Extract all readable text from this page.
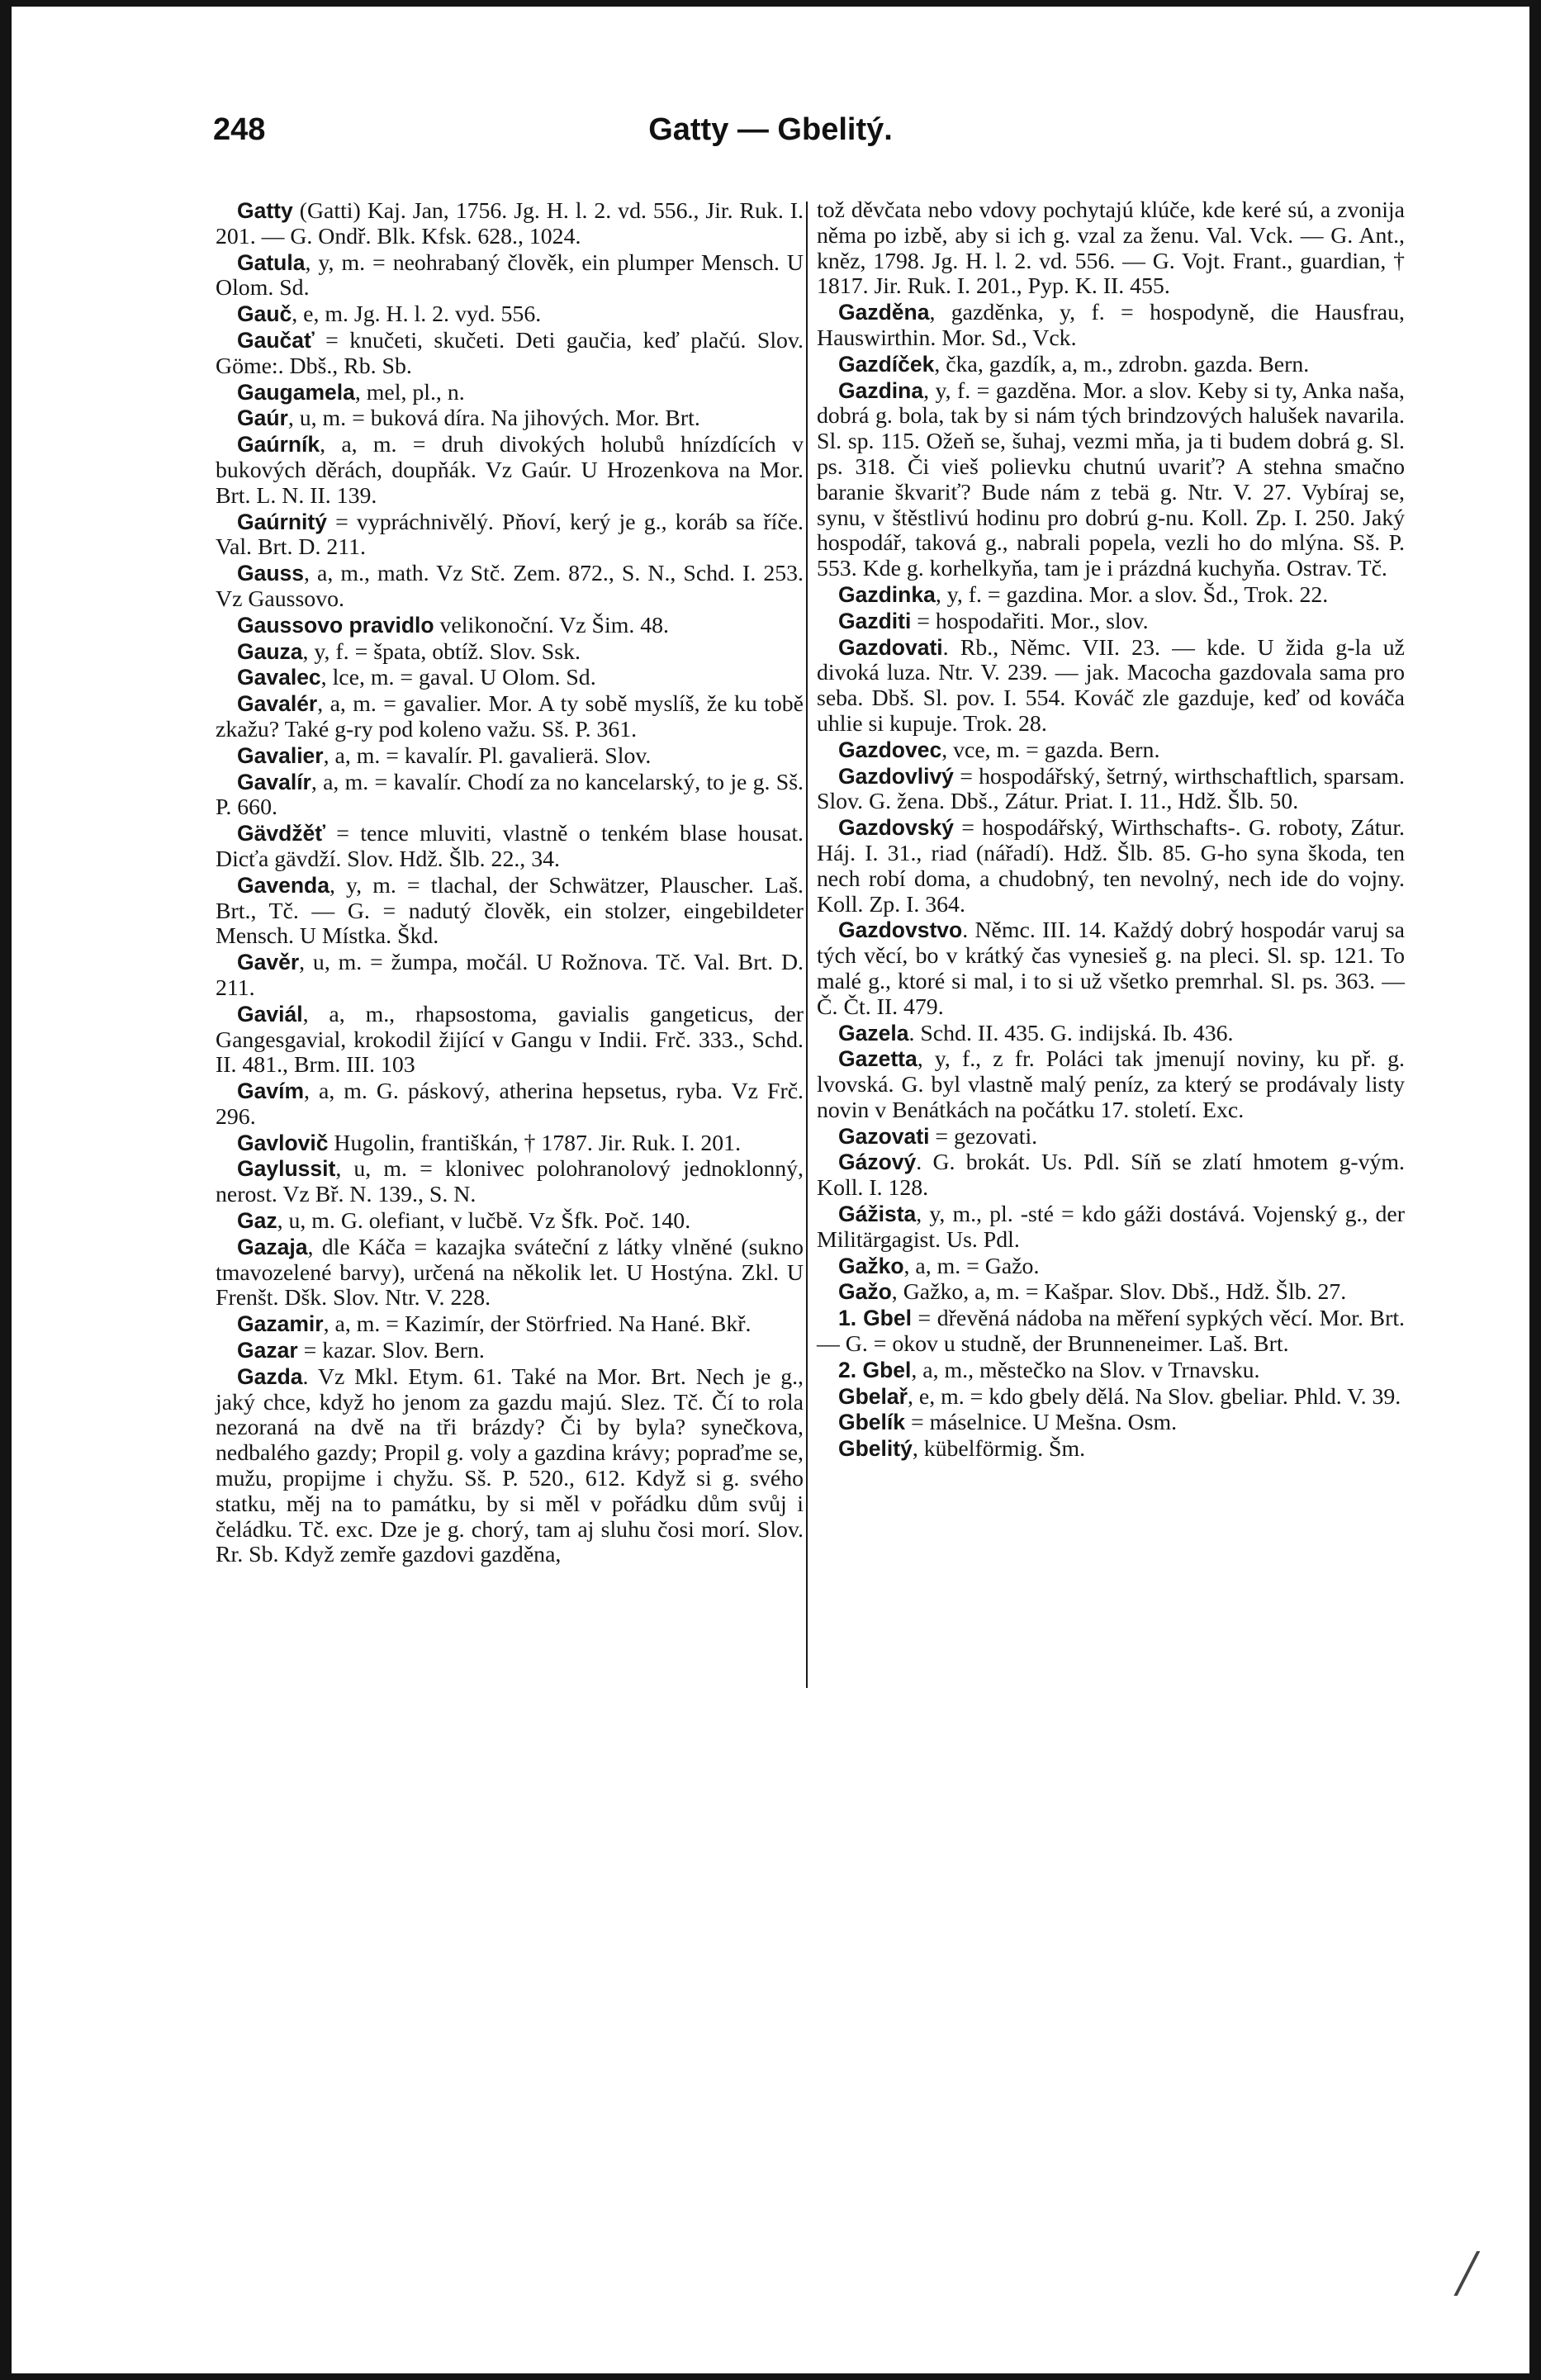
248	Gatty — Gbelitý.

Gatty (Gatti) Kaj. Jan, 1756. Jg. H. l. 2. vd. 556., Jir. Ruk. I. 201. — G. Ondř. Blk. Kfsk. 628., 1024.

Gatula, y, m. = neohrabaný člověk, ein plumper Mensch. U Olom. Sd.

Gauč, e, m. Jg. H. l. 2. vyd. 556.

Gaučať = knučeti, skučeti. Deti gaučia, keď plačú. Slov. Göme:. Dbš., Rb. Sb.

Gaugamela, mel, pl., n.

Gaúr, u, m. = buková díra. Na jihových. Mor. Brt.

Gaúrník, a, m. = druh divokých holubů hnízdících v bukových děrách, doupňák. Vz Gaúr. U Hrozenkova na Mor. Brt. L. N. II. 139.

Gaúrnitý = vypráchnivělý. Pňoví, kerý je g., koráb sa říče. Val. Brt. D. 211.

Gauss, a, m., math. Vz Stč. Zem. 872., S. N., Schd. I. 253. Vz Gaussovo.

Gaussovo pravidlo velikonoční. Vz Šim. 48.

Gauza, y, f. = špata, obtíž. Slov. Ssk.

Gavalec, lce, m. = gaval. U Olom. Sd.

Gavalér, a, m. = gavalier. Mor. A ty sobě myslíš, že ku tobě zkažu? Také g-ry pod koleno važu. Sš. P. 361.

Gavalier, a, m. = kavalír. Pl. gavalierä. Slov.

Gavalír, a, m. = kavalír. Chodí za no kancelarský, to je g. Sš. P. 660.

Gävdžěť = tence mluviti, vlastně o tenkém blase housat. Dicťa gävdží. Slov. Hdž. Šlb. 22., 34.

Gavenda, y, m. = tlachal, der Schwätzer, Plauscher. Laš. Brt., Tč. — G. = nadutý člověk, ein stolzer, eingebildeter Mensch. U Místka. Škd.

Gavěr, u, m. = žumpa, močál. U Rožnova. Tč. Val. Brt. D. 211.

Gaviál, a, m., rhapsostoma, gavialis gangeticus, der Gangesgavial, krokodil žijící v Gangu v Indii. Frč. 333., Schd. II. 481., Brm. III. 103

Gavím, a, m. G. páskový, atherina hepsetus, ryba. Vz Frč. 296.

Gavlovič Hugolin, františkán, † 1787. Jir. Ruk. I. 201.

Gaylussit, u, m. = klonivec polohranolový jednoklonný, nerost. Vz Bř. N. 139., S. N.

Gaz, u, m. G. olefiant, v lučbě. Vz Šfk. Poč. 140.

Gazaja, dle Káča = kazajka sváteční z látky vlněné (sukno tmavozelené barvy), určená na několik let. U Hostýna. Zkl. U Frenšt. Dšk. Slov. Ntr. V. 228.

Gazamir, a, m. = Kazimír, der Störfried. Na Hané. Bkř.

Gazar = kazar. Slov. Bern.

Gazda. Vz Mkl. Etym. 61. Také na Mor. Brt. Nech je g., jaký chce, když ho jenom za gazdu majú. Slez. Tč. Čí to rola nezoraná na dvě na tři brázdy? Či by byla? synečkova, nedbalého gazdy; Propil g. voly a gazdina krávy; popraďme se, mužu, propijme i chyžu. Sš. P. 520., 612. Když si g. svého statku, měj na to památku, by si měl v pořádku dům svůj i čeládku. Tč. exc. Dze je g. chorý, tam aj sluhu čosi morí. Slov. Rr. Sb. Když zemře gazdovi gazděna,

tož děvčata nebo vdovy pochytajú klúče, kde keré sú, a zvonija něma po izbě, aby si ich g. vzal za ženu. Val. Vck. — G. Ant., kněz, 1798. Jg. H. l. 2. vd. 556. — G. Vojt. Frant., guardian, † 1817. Jir. Ruk. I. 201., Pyp. K. II. 455.

Gazděna, gazděnka, y, f. = hospodyně, die Hausfrau, Hauswirthin. Mor. Sd., Vck.

Gazdíček, čka, gazdík, a, m., zdrobn. gazda. Bern.

Gazdina, y, f. = gazděna. Mor. a slov. Keby si ty, Anka naša, dobrá g. bola, tak by si nám tých brindzových halušek navarila. Sl. sp. 115. Ožeň se, šuhaj, vezmi mňa, ja ti budem dobrá g. Sl. ps. 318. Či vieš polievku chutnú uvariť? A stehna smačno baranie škvariť? Bude nám z tebä g. Ntr. V. 27. Vybíraj se, synu, v štěstlivú hodinu pro dobrú g-nu. Koll. Zp. I. 250. Jaký hospodář, taková g., nabrali popela, vezli ho do mlýna. Sš. P. 553. Kde g. korhelkyňa, tam je i prázdná kuchyňa. Ostrav. Tč.

Gazdinka, y, f. = gazdina. Mor. a slov. Šd., Trok. 22.

Gazditi = hospodařiti. Mor., slov.

Gazdovati. Rb., Němc. VII. 23. — kde. U žida g-la už divoká luza. Ntr. V. 239. — jak. Macocha gazdovala sama pro seba. Dbš. Sl. pov. I. 554. Kováč zle gazduje, keď od kováča uhlie si kupuje. Trok. 28.

Gazdovec, vce, m. = gazda. Bern.

Gazdovlivý = hospodářský, šetrný, wirthschaftlich, sparsam. Slov. G. žena. Dbš., Zátur. Priat. I. 11., Hdž. Šlb. 50.

Gazdovský = hospodářský, Wirthschafts-. G. roboty, Zátur. Háj. I. 31., riad (nářadí). Hdž. Šlb. 85. G-ho syna škoda, ten nech robí doma, a chudobný, ten nevolný, nech ide do vojny. Koll. Zp. I. 364.

Gazdovstvo. Němc. III. 14. Každý dobrý hospodár varuj sa tých věcí, bo v krátký čas vynesieš g. na pleci. Sl. sp. 121. To malé g., ktoré si mal, i to si už všetko premrhal. Sl. ps. 363. — Č. Čt. II. 479.

Gazela. Schd. II. 435. G. indijská. Ib. 436.

Gazetta, y, f., z fr. Poláci tak jmenují noviny, ku př. g. lvovská. G. byl vlastně malý peníz, za který se prodávaly listy novin v Benátkách na počátku 17. století. Exc.

Gazovati = gezovati.

Gázový. G. brokát. Us. Pdl. Síň se zlatí hmotem g-vým. Koll. I. 128.

Gážista, y, m., pl. -sté = kdo gáži dostává. Vojenský g., der Militärgagist. Us. Pdl.

Gažko, a, m. = Gažo.

Gažo, Gažko, a, m. = Kašpar. Slov. Dbš., Hdž. Šlb. 27.

1. Gbel = dřevěná nádoba na měření sypkých věcí. Mor. Brt. — G. = okov u studně, der Brunneneimer. Laš. Brt.

2. Gbel, a, m., městečko na Slov. v Trnavsku.

Gbelař, e, m. = kdo gbely dělá. Na Slov. gbeliar. Phld. V. 39.

Gbelík = máselnice. U Mešna. Osm.

Gbelitý, kübelförmig. Šm.

/
